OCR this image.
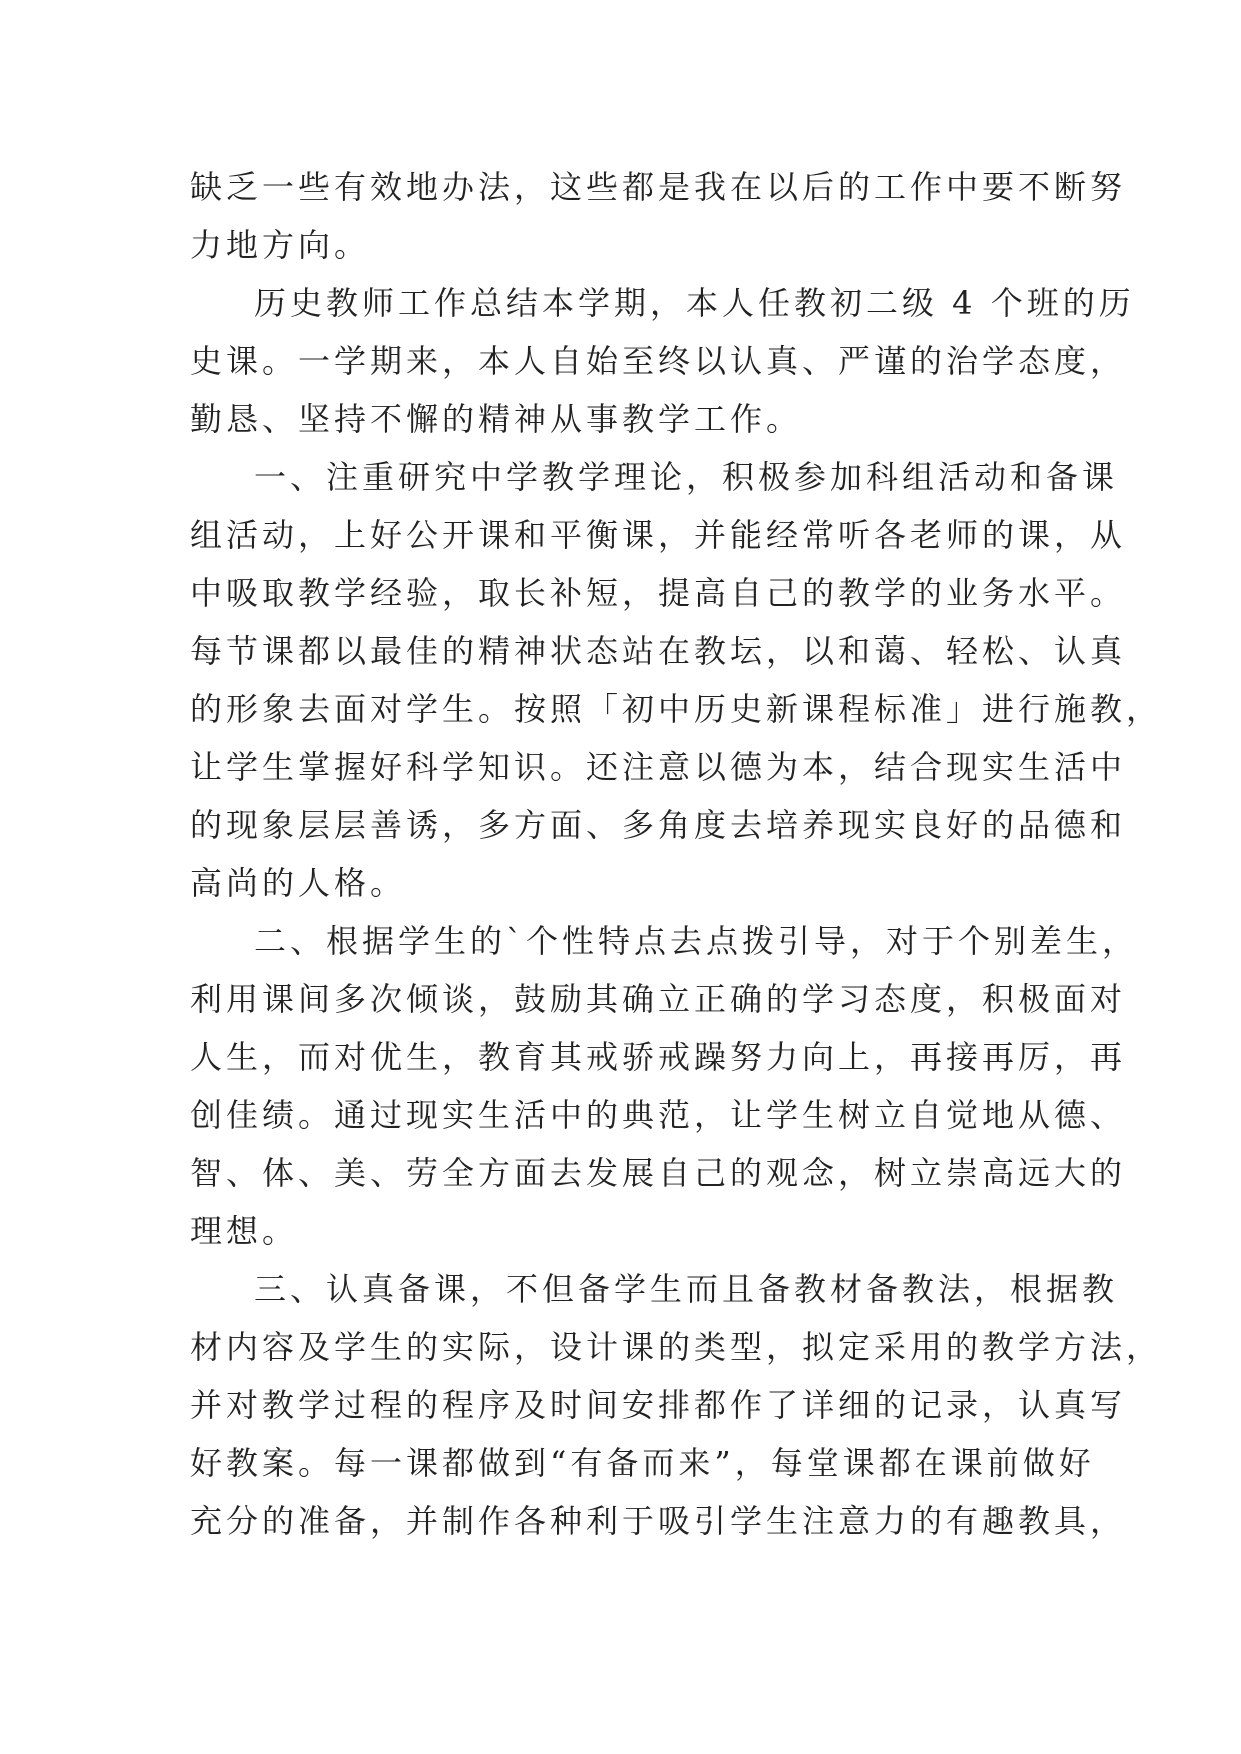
缺乏一些有效地办法，这些都是我在以后的工作中要不断努
力地方向。
历史教师工作总结本学期，本人任教初二级 4 个班的历
史课。一学期来，本人自始至终以认真、严谨的治学态度，
勤恳、坚持不懈的精神从事教学工作。
一、注重研究中学教学理论，积极参加科组活动和备课
组活动，上好公开课和平衡课，并能经常听各老师的课，从
中吸取教学经验，取长补短，提高自己的教学的业务水平。
每节课都以最佳的精神状态站在教坛，以和蔼、轻松、认真
的形象去面对学生。按照「初中历史新课程标准」进行施教，
让学生掌握好科学知识。还注意以德为本，结合现实生活中
的现象层层善诱，多方面、多角度去培养现实良好的品德和
高尚的人格。
二、根据学生的`个性特点去点拨引导，对于个别差生，
利用课间多次倾谈，鼓励其确立正确的学习态度，积极面对
人生，而对优生，教育其戒骄戒躁努力向上，再接再厉，再
创佳绩。通过现实生活中的典范，让学生树立自觉地从德、
智、体、美、劳全方面去发展自己的观念，树立崇高远大的
理想。
三、认真备课，不但备学生而且备教材备教法，根据教
材内容及学生的实际，设计课的类型，拟定采用的教学方法，
并对教学过程的程序及时间安排都作了详细的记录，认真写
好教案。每一课都做到“有备而来”，每堂课都在课前做好
充分的准备，并制作各种利于吸引学生注意力的有趣教具，
